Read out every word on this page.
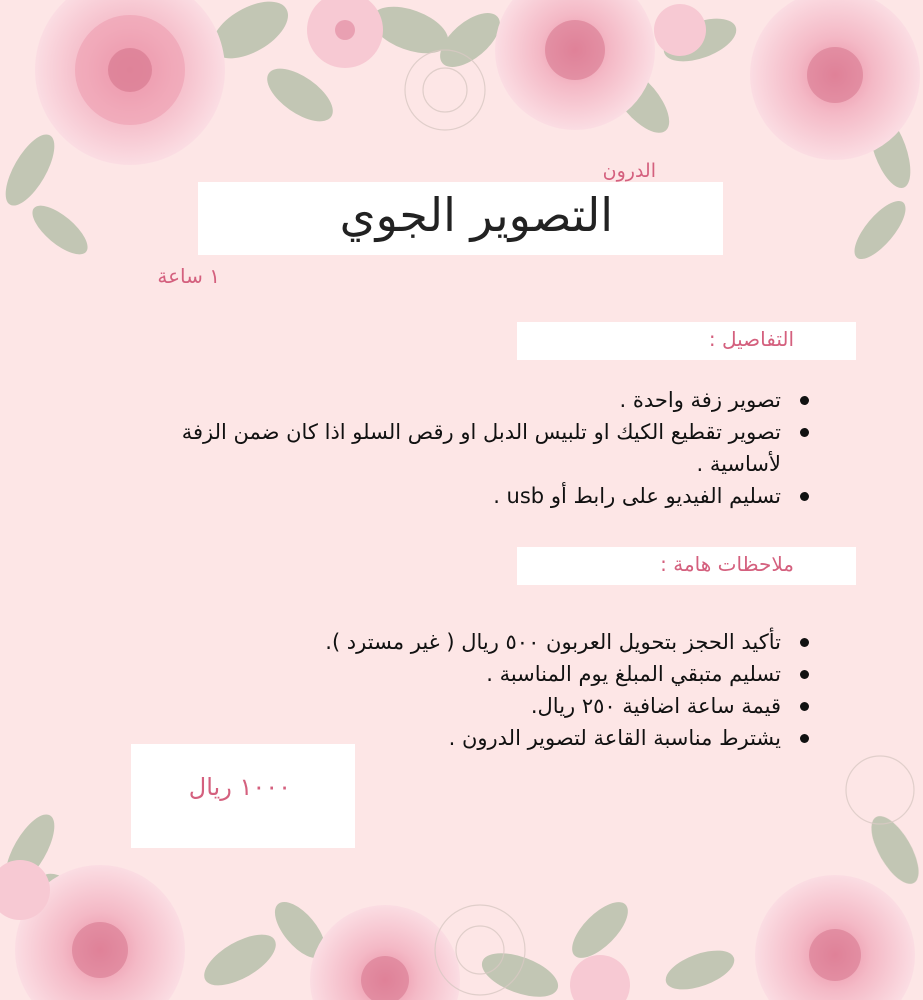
الدرون
التصوير الجوي
١ ساعة
التفاصيل :
تصوير زفة واحدة .
تصوير تقطيع الكيك او تلبيس الدبل او رقص السلو اذا كان ضمن الزفة لأساسية .
تسليم الفيديو على رابط أو usb .
ملاحظات هامة :
تأكيد الحجز بتحويل العربون ٥٠٠ ريال ( غير مسترد ).
تسليم متبقي المبلغ يوم المناسبة .
قيمة ساعة اضافية ٢٥٠ ريال.
يشترط مناسبة القاعة لتصوير الدرون .
١٠٠٠ ريال
